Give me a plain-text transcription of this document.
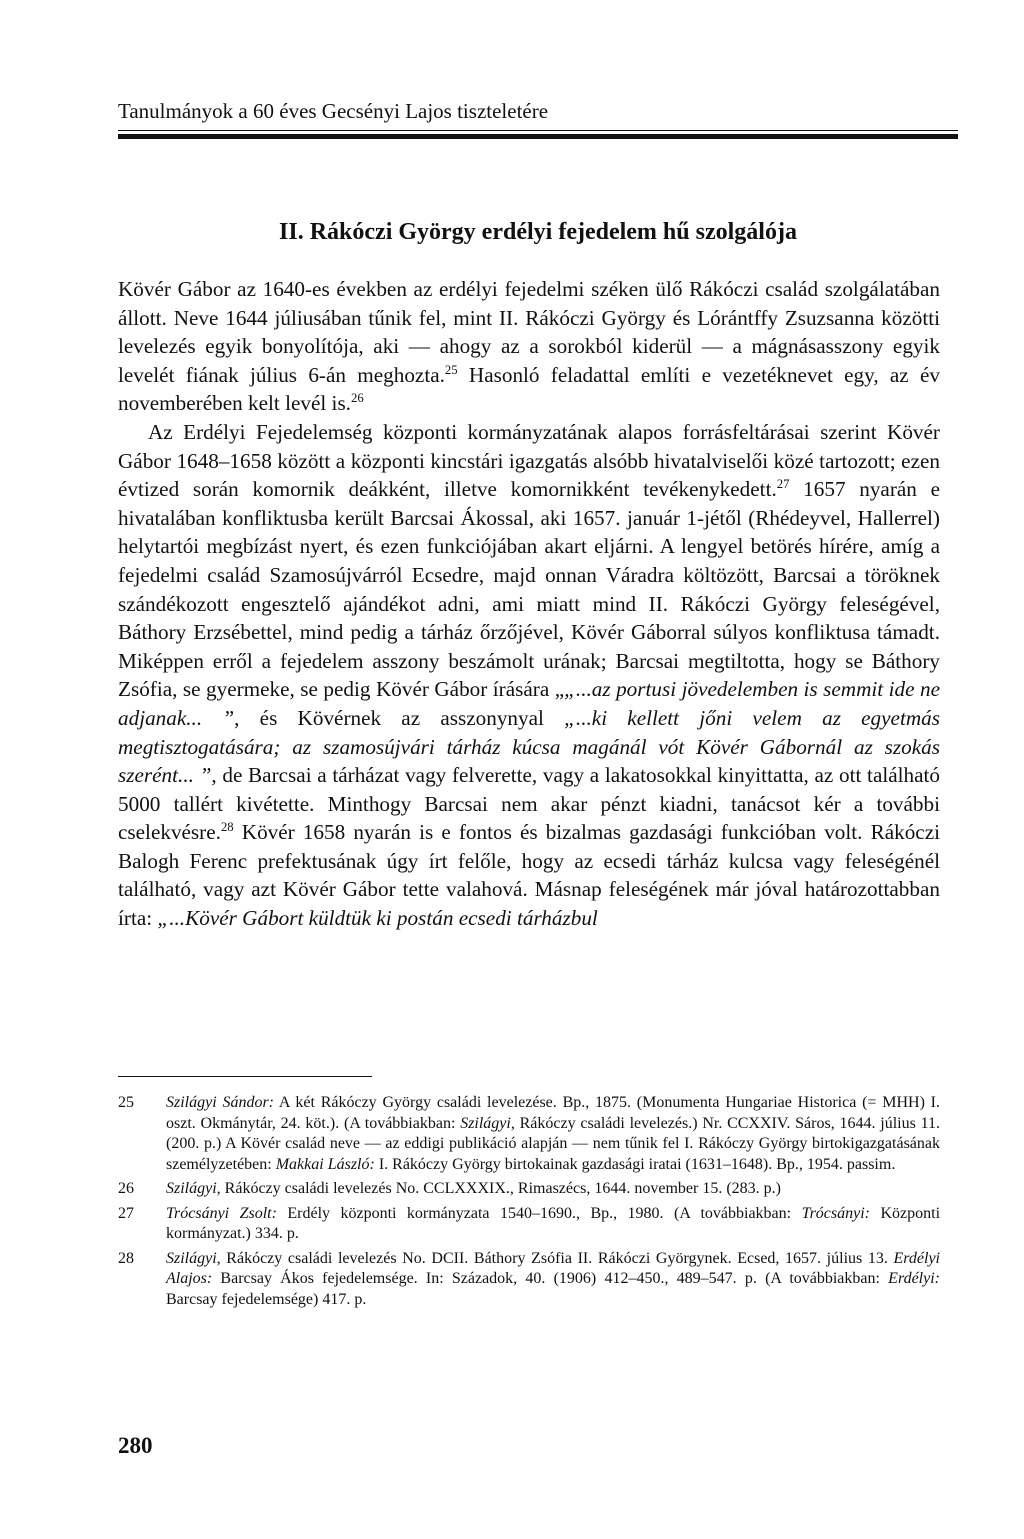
Tanulmányok a 60 éves Gecsényi Lajos tiszteletére
II. Rákóczi György erdélyi fejedelem hű szolgálója

Kövér Gábor az 1640-es években az erdélyi fejedelmi széken ülő Rákóczi család szolgálatában állott. Neve 1644 júliusában tűnik fel, mint II. Rákóczi György és Lórántffy Zsuzsanna közötti levelezés egyik bonyolítója, aki — ahogy az a sorokból kiderül — a mágnásasszony egyik levelét fiának július 6-án meghozta.$^{25}$ Hasonló feladattal említi e vezetéknevet egy, az év novemberében kelt levél is.$^{26}$

Az Erdélyi Fejedelemség központi kormányzatának alapos forrásfeltárásai szerint Kövér Gábor 1648–1658 között a központi kincstári igazgatás alsóbb hivatalviselői közé tartozott; ezen évtized során komornik deákként, illetve komornikként tevékenykedett.$^{27}$ 1657 nyarán e hivatalában konfliktusba került Barcsai Ákossal, aki 1657. január 1-jétől (Rhédeyvel, Hallerrel) helytartói megbízást nyert, és ezen funkciójában akart eljárni. A lengyel betörés hírére, amíg a fejedelmi család Szamosújvárról Ecsedre, majd onnan Váradra költözött, Barcsai a töröknek szándékozott engesztelő ajándékot adni, ami miatt mind II. Rákóczi György feleségével, Báthory Erzsébettel, mind pedig a tárház őrzőjével, Kövér Gáborral súlyos konfliktusa támadt. Miképpen erről a fejedelem asszony beszámolt urának; Barcsai megtiltotta, hogy se Báthory Zsófia, se gyermeke, se pedig Kövér Gábor írására „„...az portusi jövedelemben is semmit ide ne adjanak... ”, és Kövérnek az asszonynyal „...ki kellett jőni velem az egyetmás megtisztogatására; az szamosújvári tárház kúcsa magánál vót Kövér Gábornál az szokás szerént... ”, de Barcsai a tárházat vagy felverette, vagy a lakatosokkal kinyittatta, az ott található 5000 tallért kivétette. Minthogy Barcsai nem akar pénzt kiadni, tanácsot kér a további cselekvésre.$^{28}$ Kövér 1658 nyarán is e fontos és bizalmas gazdasági funkcióban volt. Rákóczi Balogh Ferenc prefektusának úgy írt felőle, hogy az ecsedi tárház kulcsa vagy feleségénél található, vagy azt Kövér Gábor tette valahová. Másnap feleségének már jóval határozottabban írta: „...Kövér Gábort küldtük ki postán ecsedi tárházbul

25	Szilágyi Sándor: A két Rákóczy György családi levelezése. Bp., 1875. (Monumenta Hungariae Historica (= MHH) I. oszt. Okmánytár, 24. köt.). (A továbbiakban: Szilágyi, Rákóczy családi levelezés.) Nr. CCXXIV. Sáros, 1644. július 11. (200. p.) A Kövér család neve — az eddigi publikáció alapján — nem tűnik fel I. Rákóczy György birtokigazgatásának személyzetében: Makkai László: I. Rákóczy György birtokainak gazdasági iratai (1631–1648). Bp., 1954. passim.
26	Szilágyi, Rákóczy családi levelezés No. CCLXXXIX., Rimaszécs, 1644. november 15. (283. p.)
27	Trócsányi Zsolt: Erdély központi kormányzata 1540–1690., Bp., 1980. (A továbbiakban: Trócsányi: Központi kormányzat.) 334. p.
28	Szilágyi, Rákóczy családi levelezés No. DCII. Báthory Zsófia II. Rákóczi Györgynek. Ecsed, 1657. július 13. Erdélyi Alajos: Barcsay Ákos fejedelemsége. In: Századok, 40. (1906) 412–450., 489–547. p. (A továbbiakban: Erdélyi: Barcsay fejedelemsége) 417. p.
280
